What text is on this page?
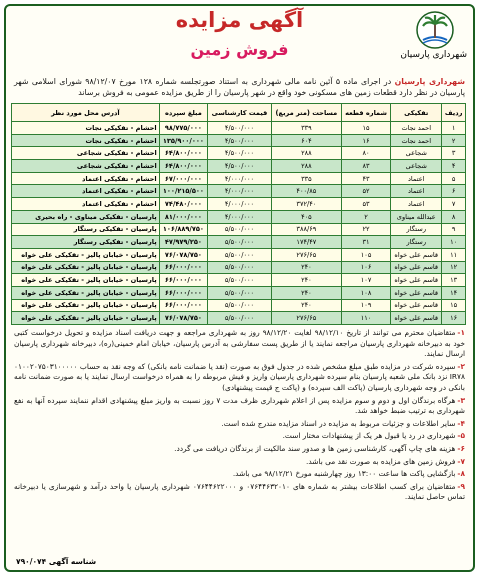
شهرداری پارسیان
آگهی مزایده
فروش زمین
شهرداری پارسیان در اجرای ماده ۵ آئین نامه مالی شهرداری به استناد صورتجلسه شماره ۱۲۸ مورخ ۹۸/۱۲/۰۷ شورای اسلامی شهر پارسیان در نظر دارد قطعات زمین های مسکونی خود واقع در شهر پارسیان را از طریق مزایده عمومی به فروش برساند
ردیف	تفکیکی	شماره قطعه	مساحت (متر مربع)	قیمت کارشناسی	مبلغ سپرده	آدرس محل مورد نظر
۱	احمد نجات	۱۵	۳۳۹	۴/۵۰۰/۰۰۰	۹۸/۷۷۵/۰۰۰	احشام - تفکیکی نجات
۲	احمد نجات	۱۶	۶۰۴	۴/۵۰۰/۰۰۰	۱۳۵/۹۰۰/۰۰۰	احشام - تفکیکی نجات
۳	شجاعی	۸۰	۲۸۸	۴/۵۰۰/۰۰۰	۶۴/۸۰۰/۰۰۰	احشام - تفکیکی شجاعی
۴	شجاعی	۸۳	۲۸۸	۴/۵۰۰/۰۰۰	۶۴/۸۰۰/۰۰۰	احشام - تفکیکی شجاعی
۵	اعتماد	۴۳	۳۳۵	۴/۰۰۰/۰۰۰	۶۷/۰۰۰/۰۰۰	احشام - تفکیکی اعتماد
۶	اعتماد	۵۲	۴۰۰/۸۵	۴/۰۰۰/۰۰۰	۱۰۰/۲۱۵/۵۰۰	احشام - تفکیکی اعتماد
۷	اعتماد	۵۳	۳۷۲/۴۰	۴/۰۰۰/۰۰۰	۷۴/۴۸۰/۰۰۰	احشام - تفکیکی اعتماد
۸	عبدالله میناوی	۲	۴۰۵	۴/۰۰۰/۰۰۰	۸۱/۰۰۰/۰۰۰	پارسیان - تفکیکی میناوی - راه بحیری
۹	رستگار	۲۲	۳۸۸/۶۹	۵/۵۰۰/۰۰۰	۱۰۶/۸۸۹/۷۵۰	پارسیان - تفکیکی رستگار
۱۰	رستگار	۳۱	۱۷۴/۴۷	۵/۵۰۰/۰۰۰	۴۷/۹۷۹/۲۵۰	پارسیان - تفکیکی رستگار
۱۱	قاسم علی خواه	۱۰۵	۲۷۶/۶۵	۵/۵۰۰/۰۰۰	۷۶/۰۷۸/۷۵۰	پارسیان - خیابان پالیز - تفکیکی علی خواه
۱۲	قاسم علی خواه	۱۰۶	۲۴۰	۵/۵۰۰/۰۰۰	۶۶/۰۰۰/۰۰۰	پارسیان - خیابان پالیز - تفکیکی علی خواه
۱۳	قاسم علی خواه	۱۰۷	۲۴۰	۵/۵۰۰/۰۰۰	۶۶/۰۰۰/۰۰۰	پارسیان - خیابان پالیز - تفکیکی علی خواه
۱۴	قاسم علی خواه	۱۰۸	۲۴۰	۵/۵۰۰/۰۰۰	۶۶/۰۰۰/۰۰۰	پارسیان - خیابان پالیز - تفکیکی علی خواه
۱۵	قاسم علی خواه	۱۰۹	۲۴۰	۵/۵۰۰/۰۰۰	۶۶/۰۰۰/۰۰۰	پارسیان - خیابان پالیز - تفکیکی علی خواه
۱۶	قاسم علی خواه	۱۱۰	۲۷۶/۶۵	۵/۵۰۰/۰۰۰	۷۶/۰۷۸/۷۵۰	پارسیان - خیابان پالیز - تفکیکی علی خواه

۱-متقاضیان محترم می توانند از تاریخ ۹۸/۱۲/۱۰ لغایت ۹۸/۱۲/۲۰ روز به شهرداری مراجعه و جهت دریافت اسناد مزایده و تحویل درخواست کتبی خود به دبیرخانه شهرداری پارسیان مراجعه نمایند یا از طریق پست سفارشی به آدرس پارسیان، خیابان امام خمینی(ره)، دبیرخانه شهرداری پارسیان ارسال نمایند.

۲-سپرده شرکت در مزایده طبق مبلغ مشخص شده در جدول فوق به صورت (نقد یا ضمانت نامه بانکی) که وجه نقد به حساب ۰۱۰۰۲۰۷۵۰۳۱۰۰۰۰۰ IR۷۸ نزد بانک ملی شعبه پارسیان بنام سپرده شهرداری پارسیان واریز و فیش مربوطه را به همراه درخواست ارسال نمایند یا به صورت ضمانت نامه بانکی در وجه شهرداری پارسیان (پاکت الف سپرده) و (پاکت ج قیمت پیشنهادی)

۳-هرگاه برندگان اول و دوم و سوم مزایده پس از اعلام شهرداری ظرف مدت ۷ روز نسبت به واریز مبلغ پیشنهادی اقدام ننمایند سپرده آنها به نفع شهرداری به ترتیب ضبط خواهد شد.

۴-سایر اطلاعات و جزئیات مربوط به مزایده در اسناد مزایده مندرج شده است.

۵-شهرداری در رد یا قبول هر یک از پیشنهادات مختار است.

۶-هزینه های چاپ آگهی، کارشناسی زمین ها و صدور سند مالکیت از برندگان دریافت می گردد.

۷-فروش زمین های مزایده به صورت نقد می باشد.

۸-بازگشایی پاکت ها ساعت ۱۳:۰۰ روز چهارشنبه مورخ ۹۸/۱۲/۲۱ می باشد.

۹-متقاضیان برای کسب اطلاعات بیشتر به شماره های ۰۷۶۴۴۶۳۲۰۱۰ و ۰۷۶۴۴۶۲۲۰۰۰ شهرداری پارسیان یا واحد درآمد و شهرسازی یا دبیرخانه تماس حاصل نمایند.

شناسه آگهی ۷۹۰/۰۷۴
